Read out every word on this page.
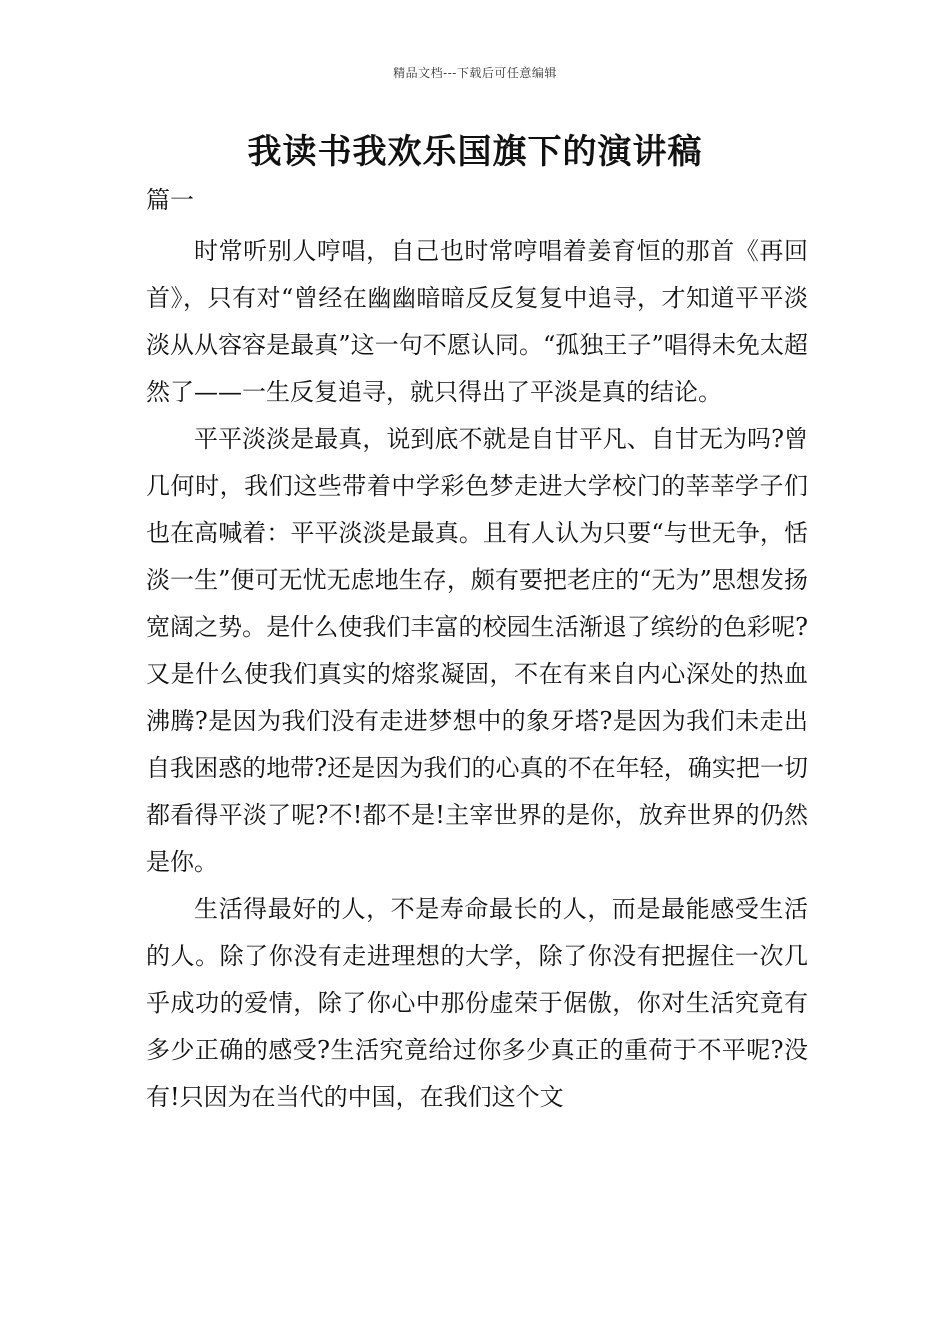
精品文档---下载后可任意编辑
我读书我欢乐国旗下的演讲稿

篇一

时常听别人哼唱，自己也时常哼唱着姜育恒的那首《再回首》，只有对“曾经在幽幽暗暗反反复复中追寻，才知道平平淡淡从从容容是最真”这一句不愿认同。“孤独王子”唱得未免太超然了——一生反复追寻，就只得出了平淡是真的结论。

平平淡淡是最真，说到底不就是自甘平凡、自甘无为吗?曾几何时，我们这些带着中学彩色梦走进大学校门的莘莘学子们也在高喊着：平平淡淡是最真。且有人认为只要“与世无争，恬淡一生”便可无忧无虑地生存，颇有要把老庄的“无为”思想发扬宽阔之势。是什么使我们丰富的校园生活渐退了缤纷的色彩呢?又是什么使我们真实的熔浆凝固，不在有来自内心深处的热血沸腾?是因为我们没有走进梦想中的象牙塔?是因为我们未走出自我困惑的地带?还是因为我们的心真的不在年轻，确实把一切都看得平淡了呢?不!都不是!主宰世界的是你，放弃世界的仍然是你。

生活得最好的人，不是寿命最长的人，而是最能感受生活的人。除了你没有走进理想的大学，除了你没有把握住一次几乎成功的爱情，除了你心中那份虚荣于倨傲，你对生活究竟有多少正确的感受?生活究竟给过你多少真正的重荷于不平呢?没有!只因为在当代的中国，在我们这个文
